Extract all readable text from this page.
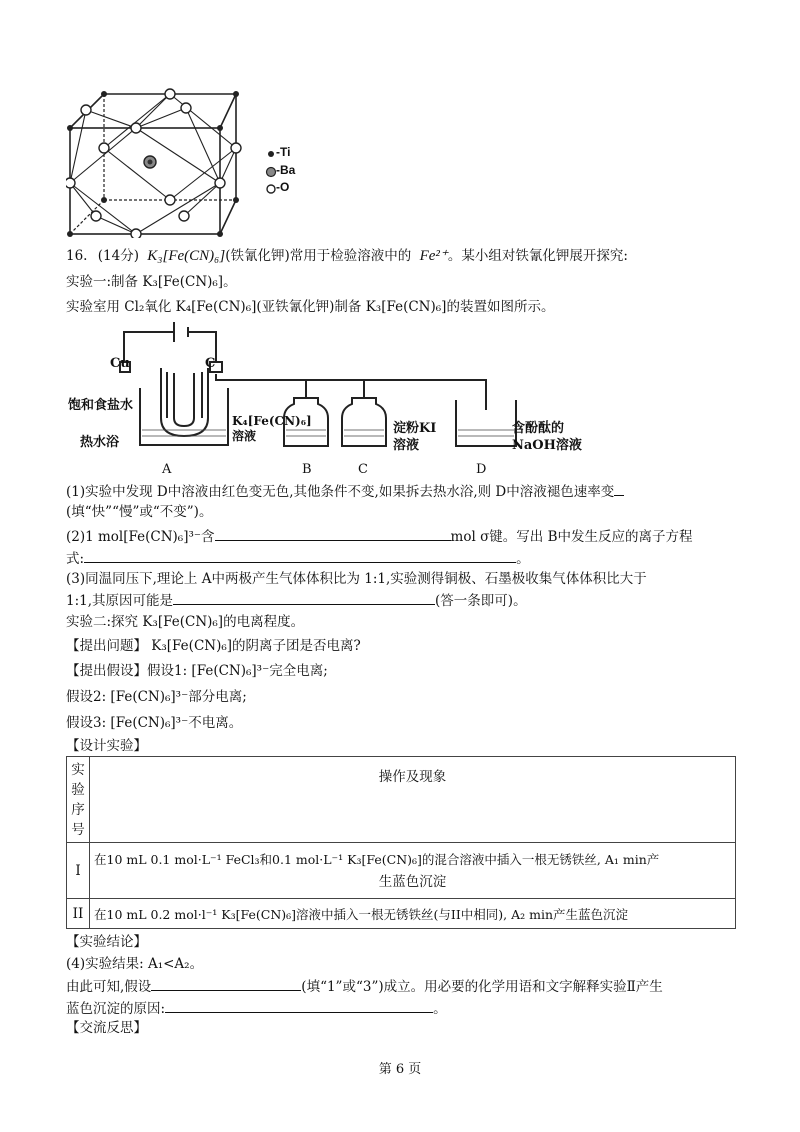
-Ti
-Ba
-O
16. (14分) K₃[Fe(CN)₆](铁氰化钾)常用于检验溶液中的 Fe²⁺。某小组对铁氰化钾展开探究:
实验一:制备 K₃[Fe(CN)₆]。
实验室用 Cl₂氧化 K₄[Fe(CN)₆](亚铁氰化钾)制备 K₃[Fe(CN)₆]的装置如图所示。
Cu	C
饱和食盐水
热水浴
K₄[Fe(CN)₆]
溶液	淀粉KI
溶液
含酚酞的
NaOH溶液
A	B	C	D
(1)实验中发现 D中溶液由红色变无色,其他条件不变,如果拆去热水浴,则 D中溶液褪色速率变
(填“快”“慢”或“不变”)。
(2)1 mol[Fe(CN)₆]³⁻含	mol σ键。写出 B中发生反应的离子方程
式:	。
(3)同温同压下,理论上 A中两极产生气体体积比为 1:1,实验测得铜极、石墨极收集气体体积比大于
1:1,其原因可能是	(答一条即可)。
实验二:探究 K₃[Fe(CN)₆]的电离程度。
【提出问题】 K₃[Fe(CN)₆]的阴离子团是否电离?
【提出假设】假设1: [Fe(CN)₆]³⁻完全电离;
假设2: [Fe(CN)₆]³⁻部分电离;
假设3: [Fe(CN)₆]³⁻不电离。
【设计实验】
实
验
序
号	操作及现象
I	在10 mL 0.1 mol·L⁻¹ FeCl₃和0.1 mol·L⁻¹ K₃[Fe(CN)₆]的混合溶液中插入一根无锈铁丝, A₁ min产
生蓝色沉淀

II	在10 mL 0.2 mol·l⁻¹ K₃[Fe(CN)₆]溶液中插入一根无锈铁丝(与ⅠI中相同), A₂ min产生蓝色沉淀
【实验结论】
(4)实验结果: A₁<A₂。
由此可知,假设	(填“1”或“3”)成立。用必要的化学用语和文字解释实验Ⅱ产生
蓝色沉淀的原因:	。
【交流反思】
第 6 页
